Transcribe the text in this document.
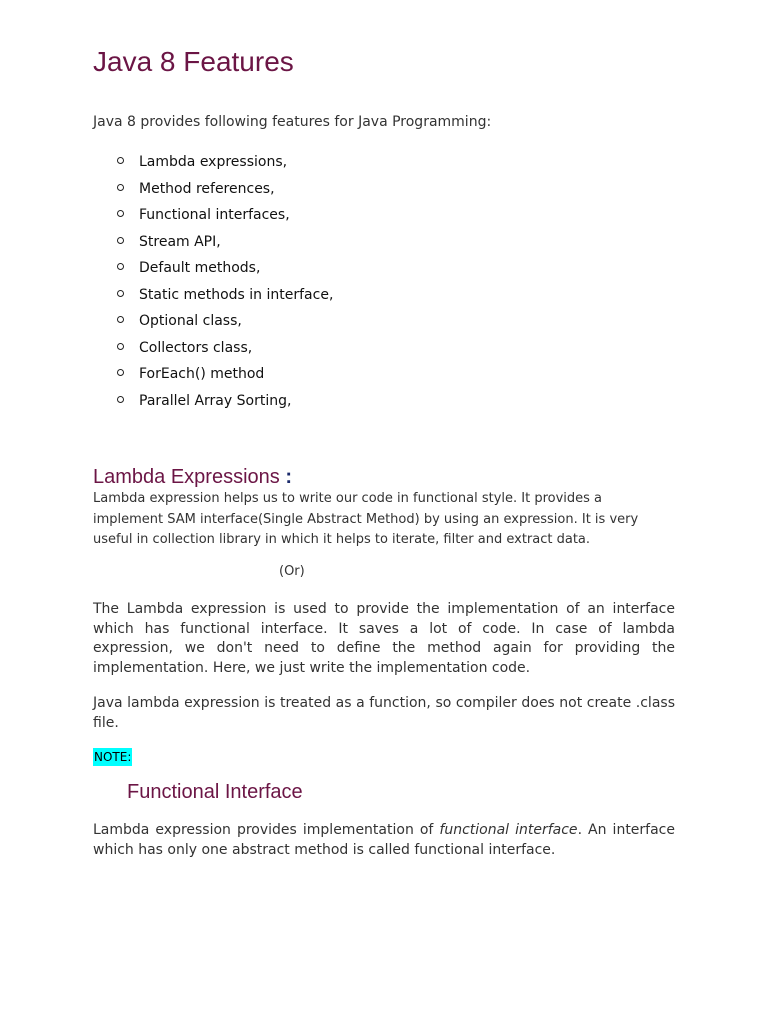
Java 8 Features
Java 8 provides following features for Java Programming:
Lambda expressions,
Method references,
Functional interfaces,
Stream API,
Default methods,
Static methods in interface,
Optional class,
Collectors class,
ForEach() method
Parallel Array Sorting,
Lambda Expressions :
Lambda expression helps us to write our code in functional style. It provides a implement SAM interface(Single Abstract Method) by using an expression. It is very useful in collection library in which it helps to iterate, filter and extract data.
(Or)
The Lambda expression is used to provide the implementation of an interface which has functional interface. It saves a lot of code. In case of lambda expression, we don't need to define the method again for providing the implementation. Here, we just write the implementation code.
Java lambda expression is treated as a function, so compiler does not create .class file.
NOTE:
Functional Interface
Lambda expression provides implementation of functional interface. An interface which has only one abstract method is called functional interface.
